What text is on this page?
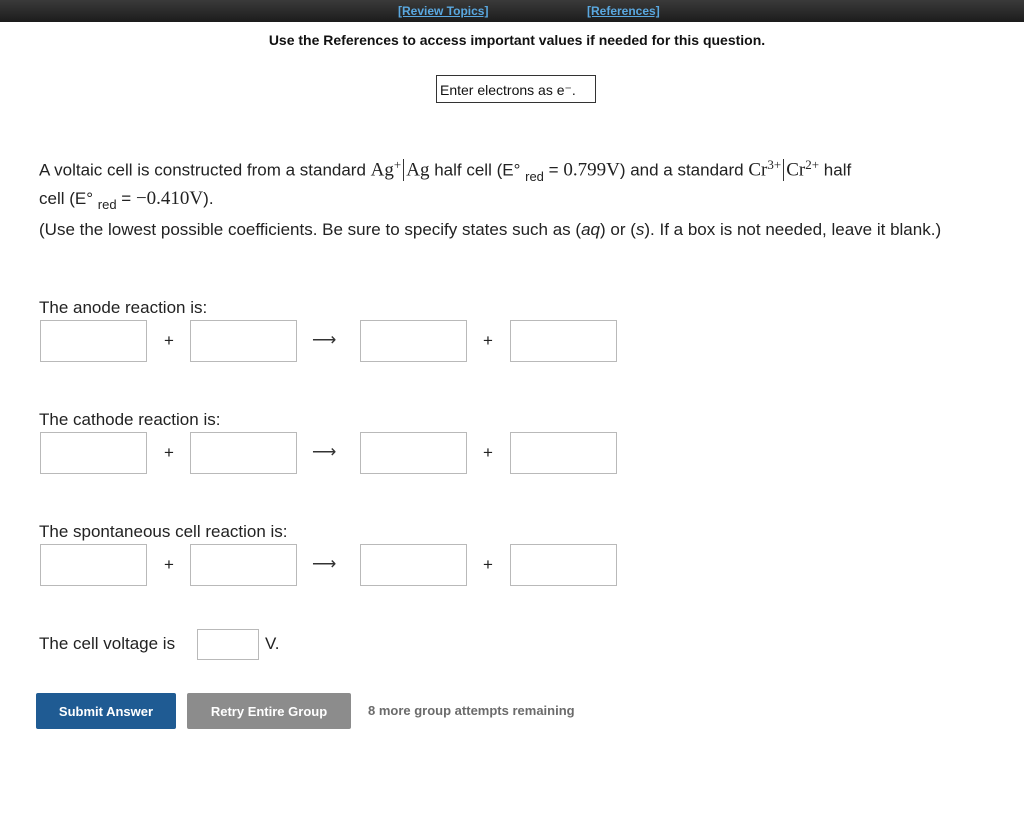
[Review Topics]	[References]
Use the References to access important values if needed for this question.
Enter electrons as e⁻.
A voltaic cell is constructed from a standard Ag+ Ag half cell (E° $_{red}$ = 0.799V) and a standard $Cr^{3+}$ $Cr^{2+}$ half
cell (E° $_{red}$ = −0.410V).
(Use the lowest possible coefficients. Be sure to specify states such as (aq) or (s). If a box is not needed, leave it blank.)
The anode reaction is:
+	⟶	+
The cathode reaction is:
+	⟶	+
The spontaneous cell reaction is:
+	⟶	+
The cell voltage is	V.
Submit Answer	Retry Entire Group	8 more group attempts remaining
